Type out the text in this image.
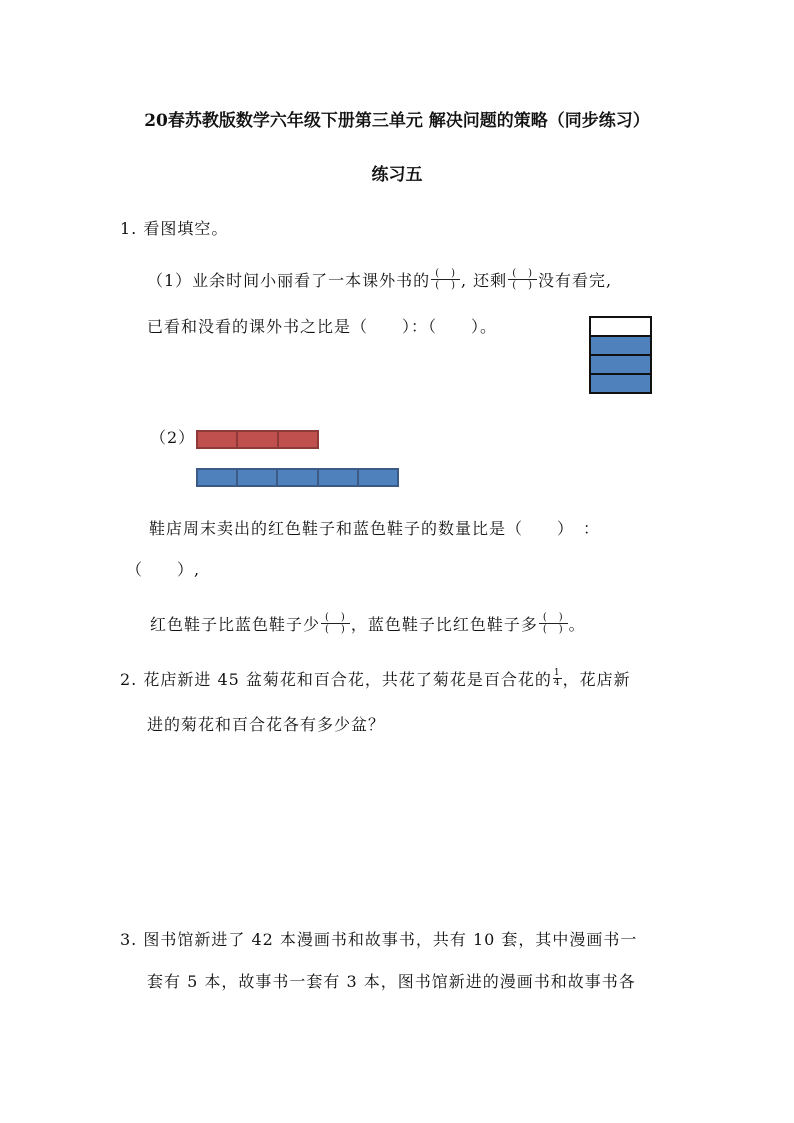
20春苏教版数学六年级下册第三单元 解决问题的策略（同步练习）
练习五
1. 看图填空。
（1）业余时间小丽看了一本课外书的 $\frac{( )}{( )}$ , 还剩 $\frac{( )}{( )}$ 没有看完,
已看和没看的课外书之比是（　　）：（　　）。
（2）
鞋店周末卖出的红色鞋子和蓝色鞋子的数量比是（　　）　：
（　　）,
红色鞋子比蓝色鞋子少 $\frac{( )}{( )}$ ，蓝色鞋子比红色鞋子多 $\frac{( )}{( )}$ 。
2. 花店新进 45 盆菊花和百合花，共花了菊花是百合花的 $\frac{1}{4}$ ，花店新
进的菊花和百合花各有多少盆？
3. 图书馆新进了 42 本漫画书和故事书，共有 10 套，其中漫画书一
套有 5 本，故事书一套有 3 本，图书馆新进的漫画书和故事书各
